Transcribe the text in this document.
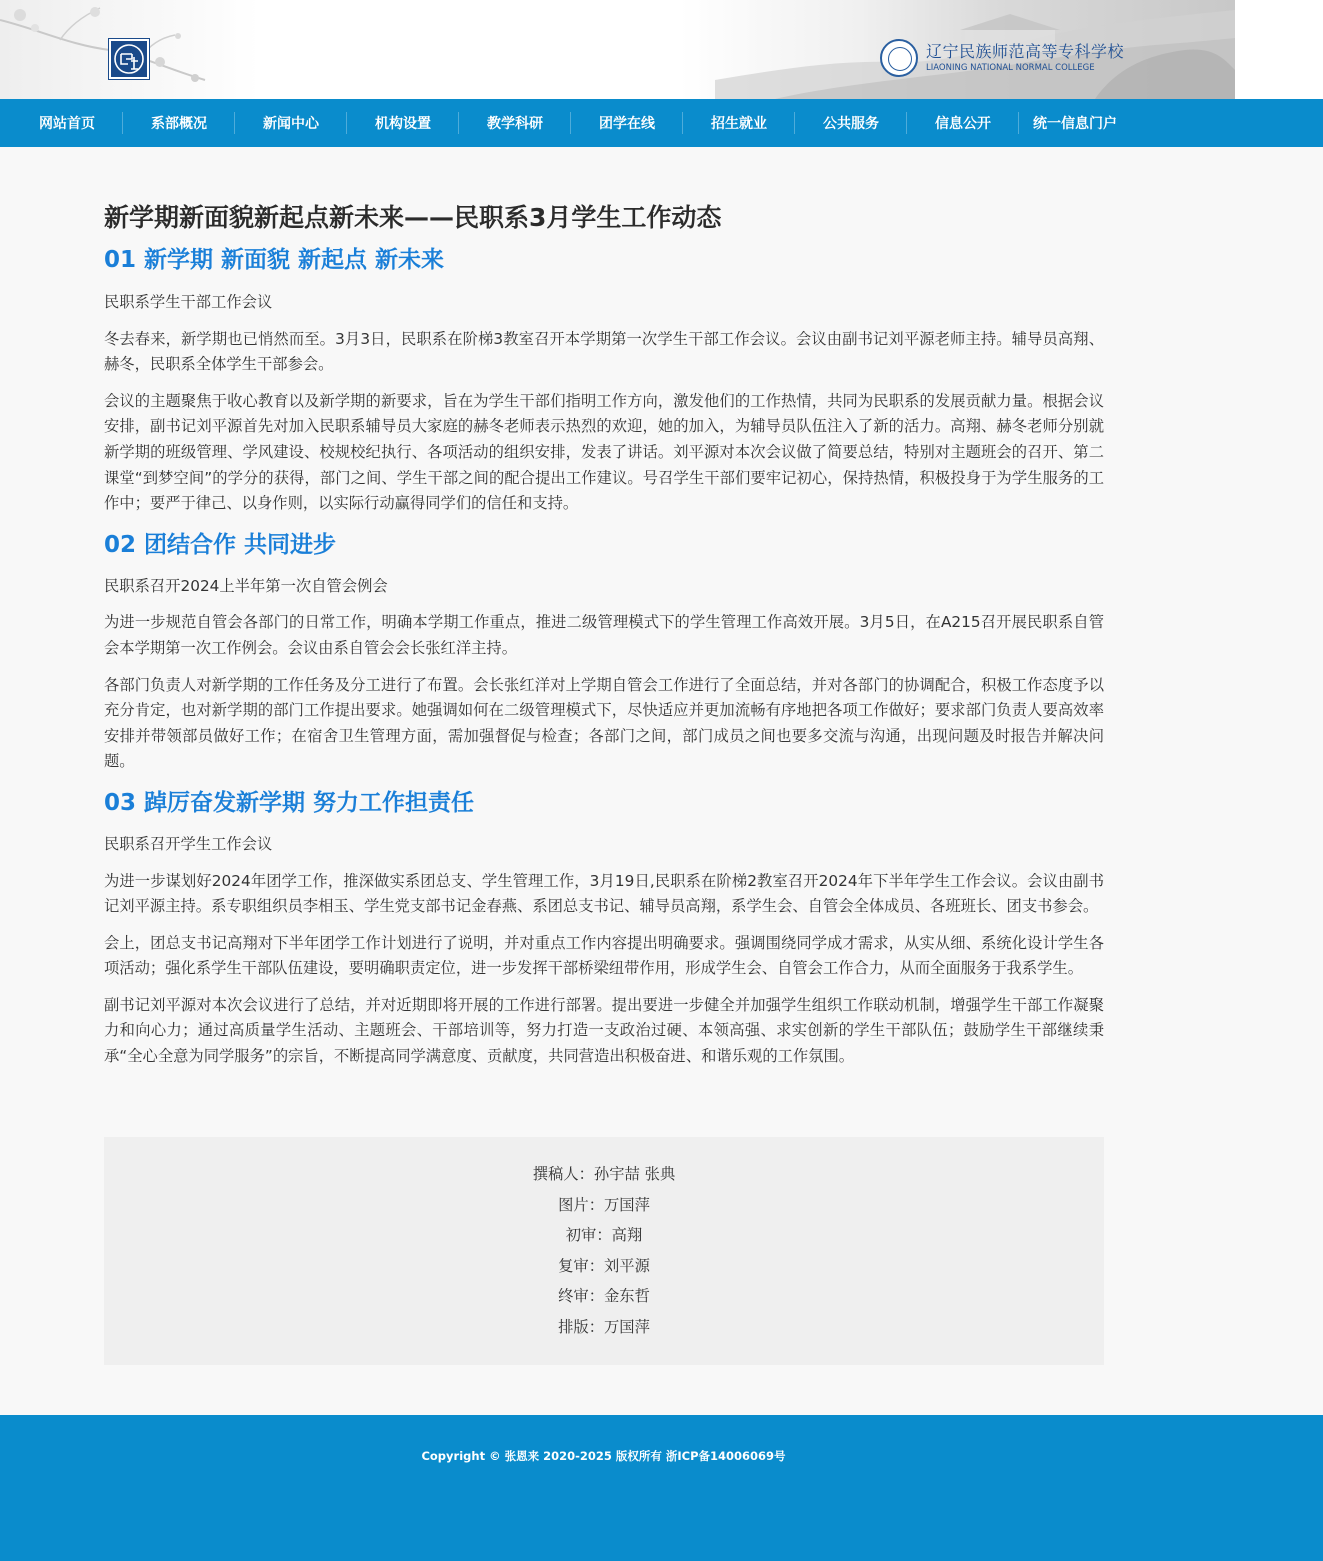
辽宁民族师范高等专科学校
LIAONING NATIONAL NORMAL COLLEGE
网站首页	系部概况	新闻中心	机构设置	教学科研	团学在线	招生就业	公共服务	信息公开	统一信息门户
新学期新面貌新起点新未来——民职系3月学生工作动态
01 新学期 新面貌 新起点 新未来

民职系学生干部工作会议

冬去春来，新学期也已悄然而至。3月3日，民职系在阶梯3教室召开本学期第一次学生干部工作会议。会议由副书记刘平源老师主持。辅导员高翔、赫冬，民职系全体学生干部参会。

会议的主题聚焦于收心教育以及新学期的新要求，旨在为学生干部们指明工作方向，激发他们的工作热情，共同为民职系的发展贡献力量。根据会议安排，副书记刘平源首先对加入民职系辅导员大家庭的赫冬老师表示热烈的欢迎，她的加入，为辅导员队伍注入了新的活力。高翔、赫冬老师分别就新学期的班级管理、学风建设、校规校纪执行、各项活动的组织安排，发表了讲话。刘平源对本次会议做了简要总结，特别对主题班会的召开、第二课堂“到梦空间”的学分的获得，部门之间、学生干部之间的配合提出工作建议。号召学生干部们要牢记初心，保持热情，积极投身于为学生服务的工作中；要严于律己、以身作则，以实际行动赢得同学们的信任和支持。

02 团结合作 共同进步

民职系召开2024上半年第一次自管会例会

为进一步规范自管会各部门的日常工作，明确本学期工作重点，推进二级管理模式下的学生管理工作高效开展。3月5日，在A215召开展民职系自管会本学期第一次工作例会。会议由系自管会会长张红洋主持。

各部门负责人对新学期的工作任务及分工进行了布置。会长张红洋对上学期自管会工作进行了全面总结，并对各部门的协调配合，积极工作态度予以充分肯定，也对新学期的部门工作提出要求。她强调如何在二级管理模式下，尽快适应并更加流畅有序地把各项工作做好；要求部门负责人要高效率安排并带领部员做好工作；在宿舍卫生管理方面，需加强督促与检查；各部门之间，部门成员之间也要多交流与沟通，出现问题及时报告并解决问题。

03 踔厉奋发新学期 努力工作担责任

民职系召开学生工作会议

为进一步谋划好2024年团学工作，推深做实系团总支、学生管理工作，3月19日,民职系在阶梯2教室召开2024年下半年学生工作会议。会议由副书记刘平源主持。系专职组织员李相玉、学生党支部书记金春燕、系团总支书记、辅导员高翔，系学生会、自管会全体成员、各班班长、团支书参会。

会上，团总支书记高翔对下半年团学工作计划进行了说明，并对重点工作内容提出明确要求。强调围绕同学成才需求，从实从细、系统化设计学生各项活动；强化系学生干部队伍建设，要明确职责定位，进一步发挥干部桥梁纽带作用，形成学生会、自管会工作合力，从而全面服务于我系学生。

副书记刘平源对本次会议进行了总结，并对近期即将开展的工作进行部署。提出要进一步健全并加强学生组织工作联动机制，增强学生干部工作凝聚力和向心力；通过高质量学生活动、主题班会、干部培训等，努力打造一支政治过硬、本领高强、求实创新的学生干部队伍；鼓励学生干部继续秉承“全心全意为同学服务”的宗旨，不断提高同学满意度、贡献度，共同营造出积极奋进、和谐乐观的工作氛围。

撰稿人：孙宇喆 张典
图片：万国萍
初审：高翔
复审：刘平源
终审：金东哲
排版：万国萍
Copyright © 张恩来 2020-2025 版权所有 浙ICP备14006069号
